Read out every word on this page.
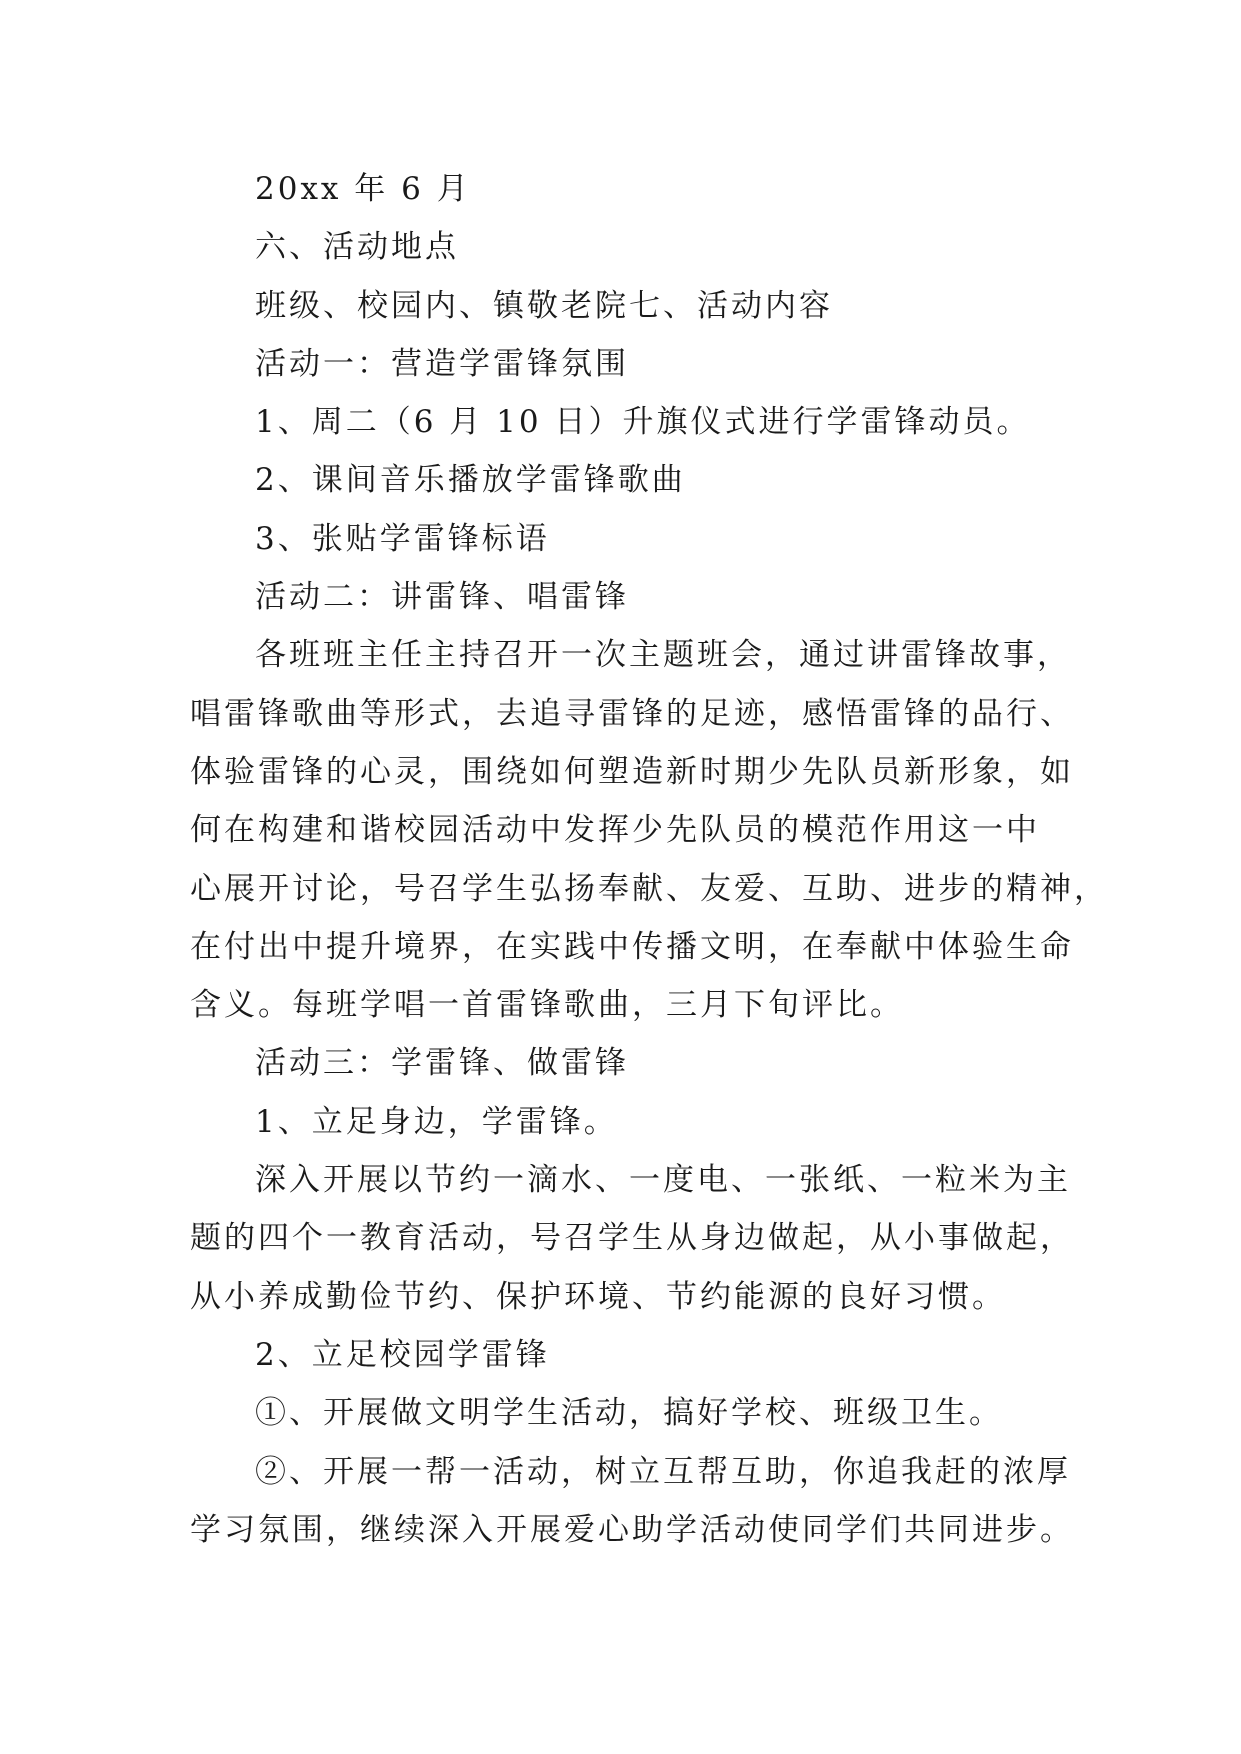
20xx 年 6 月

六、活动地点

班级、校园内、镇敬老院七、活动内容

活动一：营造学雷锋氛围

1、周二（6 月 10 日）升旗仪式进行学雷锋动员。

2、课间音乐播放学雷锋歌曲

3、张贴学雷锋标语

活动二：讲雷锋、唱雷锋

各班班主任主持召开一次主题班会，通过讲雷锋故事，

唱雷锋歌曲等形式，去追寻雷锋的足迹，感悟雷锋的品行、

体验雷锋的心灵，围绕如何塑造新时期少先队员新形象，如

何在构建和谐校园活动中发挥少先队员的模范作用这一中

心展开讨论，号召学生弘扬奉献、友爱、互助、进步的精神，

在付出中提升境界，在实践中传播文明，在奉献中体验生命

含义。每班学唱一首雷锋歌曲，三月下旬评比。

活动三：学雷锋、做雷锋

1、立足身边，学雷锋。

深入开展以节约一滴水、一度电、一张纸、一粒米为主

题的四个一教育活动，号召学生从身边做起，从小事做起，

从小养成勤俭节约、保护环境、节约能源的良好习惯。

2、立足校园学雷锋

①、开展做文明学生活动，搞好学校、班级卫生。

②、开展一帮一活动，树立互帮互助，你追我赶的浓厚

学习氛围，继续深入开展爱心助学活动使同学们共同进步。
